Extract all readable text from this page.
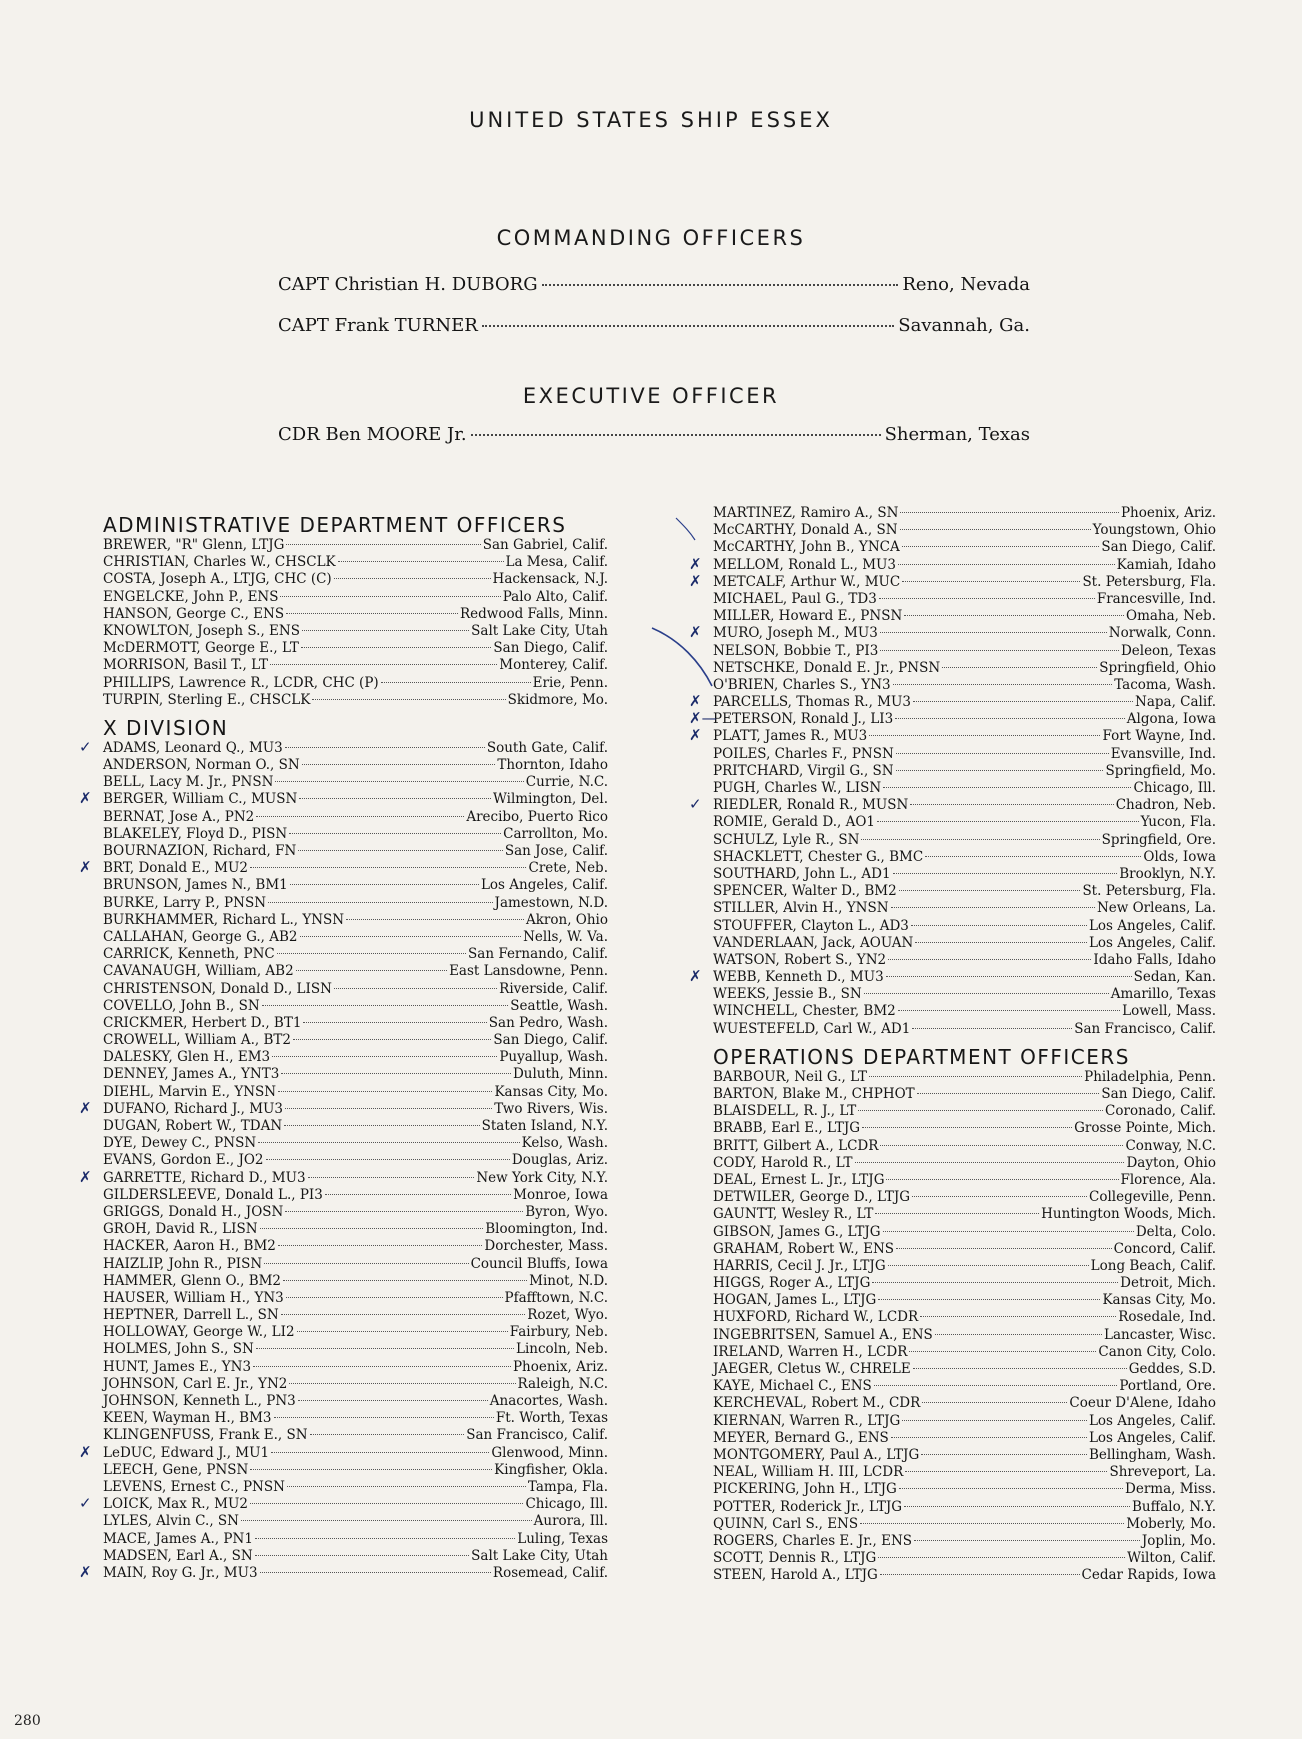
UNITED STATES SHIP ESSEX
COMMANDING OFFICERS
CAPT Christian H. DUBORG	Reno, Nevada
CAPT Frank TURNER	Savannah, Ga.
EXECUTIVE OFFICER
CDR Ben MOORE Jr.	Sherman, Texas
ADMINISTRATIVE DEPARTMENT OFFICERS
BREWER, "R" Glenn, LTJG	San Gabriel, Calif.
CHRISTIAN, Charles W., CHSCLK	La Mesa, Calif.
COSTA, Joseph A., LTJG, CHC (C)	Hackensack, N.J.
ENGELCKE, John P., ENS	Palo Alto, Calif.
HANSON, George C., ENS	Redwood Falls, Minn.
KNOWLTON, Joseph S., ENS	Salt Lake City, Utah
McDERMOTT, George E., LT	San Diego, Calif.
MORRISON, Basil T., LT	Monterey, Calif.
PHILLIPS, Lawrence R., LCDR, CHC (P)	Erie, Penn.
TURPIN, Sterling E., CHSCLK	Skidmore, Mo.
X DIVISION
✓ ADAMS, Leonard Q., MU3	South Gate, Calif.
ANDERSON, Norman O., SN	Thornton, Idaho
BELL, Lacy M. Jr., PNSN	Currie, N.C.
✗ BERGER, William C., MUSN	Wilmington, Del.
BERNAT, Jose A., PN2	Arecibo, Puerto Rico
BLAKELEY, Floyd D., PISN	Carrollton, Mo.
BOURNAZION, Richard, FN	San Jose, Calif.
✗ BRT, Donald E., MU2	Crete, Neb.
BRUNSON, James N., BM1	Los Angeles, Calif.
BURKE, Larry P., PNSN	Jamestown, N.D.
BURKHAMMER, Richard L., YNSN	Akron, Ohio
CALLAHAN, George G., AB2	Nells, W. Va.
CARRICK, Kenneth, PNC	San Fernando, Calif.
CAVANAUGH, William, AB2	East Lansdowne, Penn.
CHRISTENSON, Donald D., LISN	Riverside, Calif.
COVELLO, John B., SN	Seattle, Wash.
CRICKMER, Herbert D., BT1	San Pedro, Wash.
CROWELL, William A., BT2	San Diego, Calif.
DALESKY, Glen H., EM3	Puyallup, Wash.
DENNEY, James A., YNT3	Duluth, Minn.
DIEHL, Marvin E., YNSN	Kansas City, Mo.
✗ DUFANO, Richard J., MU3	Two Rivers, Wis.
DUGAN, Robert W., TDAN	Staten Island, N.Y.
DYE, Dewey C., PNSN	Kelso, Wash.
EVANS, Gordon E., JO2	Douglas, Ariz.
✗ GARRETTE, Richard D., MU3	New York City, N.Y.
GILDERSLEEVE, Donald L., PI3	Monroe, Iowa
GRIGGS, Donald H., JOSN	Byron, Wyo.
GROH, David R., LISN	Bloomington, Ind.
HACKER, Aaron H., BM2	Dorchester, Mass.
HAIZLIP, John R., PISN	Council Bluffs, Iowa
HAMMER, Glenn O., BM2	Minot, N.D.
HAUSER, William H., YN3	Pfafftown, N.C.
HEPTNER, Darrell L., SN	Rozet, Wyo.
HOLLOWAY, George W., LI2	Fairbury, Neb.
HOLMES, John S., SN	Lincoln, Neb.
HUNT, James E., YN3	Phoenix, Ariz.
JOHNSON, Carl E. Jr., YN2	Raleigh, N.C.
JOHNSON, Kenneth L., PN3	Anacortes, Wash.
KEEN, Wayman H., BM3	Ft. Worth, Texas
KLINGENFUSS, Frank E., SN	San Francisco, Calif.
✗ LeDUC, Edward J., MU1	Glenwood, Minn.
LEECH, Gene, PNSN	Kingfisher, Okla.
LEVENS, Ernest C., PNSN	Tampa, Fla.
✓ LOICK, Max R., MU2	Chicago, Ill.
LYLES, Alvin C., SN	Aurora, Ill.
MACE, James A., PN1	Luling, Texas
MADSEN, Earl A., SN	Salt Lake City, Utah
✗ MAIN, Roy G. Jr., MU3	Rosemead, Calif.
MARTINEZ, Ramiro A., SN	Phoenix, Ariz.
McCARTHY, Donald A., SN	Youngstown, Ohio
McCARTHY, John B., YNCA	San Diego, Calif.
✗ MELLOM, Ronald L., MU3	Kamiah, Idaho
✗ METCALF, Arthur W., MUC	St. Petersburg, Fla.
MICHAEL, Paul G., TD3	Francesville, Ind.
MILLER, Howard E., PNSN	Omaha, Neb.
✗ MURO, Joseph M., MU3	Norwalk, Conn.
NELSON, Bobbie T., PI3	Deleon, Texas
NETSCHKE, Donald E. Jr., PNSN	Springfield, Ohio
O'BRIEN, Charles S., YN3	Tacoma, Wash.
✗ PARCELLS, Thomas R., MU3	Napa, Calif.
✗—
PETERSON, Ronald J., LI3	Algona, Iowa
✗ PLATT, James R., MU3	Fort Wayne, Ind.
POILES, Charles F., PNSN	Evansville, Ind.
PRITCHARD, Virgil G., SN	Springfield, Mo.
PUGH, Charles W., LISN	Chicago, Ill.
✓ RIEDLER, Ronald R., MUSN	Chadron, Neb.
ROMIE, Gerald D., AO1	Yucon, Fla.
SCHULZ, Lyle R., SN	Springfield, Ore.
SHACKLETT, Chester G., BMC	Olds, Iowa
SOUTHARD, John L., AD1	Brooklyn, N.Y.
SPENCER, Walter D., BM2	St. Petersburg, Fla.
STILLER, Alvin H., YNSN	New Orleans, La.
STOUFFER, Clayton L., AD3	Los Angeles, Calif.
VANDERLAAN, Jack, AOUAN	Los Angeles, Calif.
WATSON, Robert S., YN2	Idaho Falls, Idaho
✗ WEBB, Kenneth D., MU3	Sedan, Kan.
WEEKS, Jessie B., SN	Amarillo, Texas
WINCHELL, Chester, BM2	Lowell, Mass.
WUESTEFELD, Carl W., AD1	San Francisco, Calif.
OPERATIONS DEPARTMENT OFFICERS
BARBOUR, Neil G., LT	Philadelphia, Penn.
BARTON, Blake M., CHPHOT	San Diego, Calif.
BLAISDELL, R. J., LT	Coronado, Calif.
BRABB, Earl E., LTJG	Grosse Pointe, Mich.
BRITT, Gilbert A., LCDR	Conway, N.C.
CODY, Harold R., LT	Dayton, Ohio
DEAL, Ernest L. Jr., LTJG	Florence, Ala.
DETWILER, George D., LTJG	Collegeville, Penn.
GAUNTT, Wesley R., LT	Huntington Woods, Mich.
GIBSON, James G., LTJG	Delta, Colo.
GRAHAM, Robert W., ENS	Concord, Calif.
HARRIS, Cecil J. Jr., LTJG	Long Beach, Calif.
HIGGS, Roger A., LTJG	Detroit, Mich.
HOGAN, James L., LTJG	Kansas City, Mo.
HUXFORD, Richard W., LCDR	Rosedale, Ind.
INGEBRITSEN, Samuel A., ENS	Lancaster, Wisc.
IRELAND, Warren H., LCDR	Canon City, Colo.
JAEGER, Cletus W., CHRELE	Geddes, S.D.
KAYE, Michael C., ENS	Portland, Ore.
KERCHEVAL, Robert M., CDR	Coeur D'Alene, Idaho
KIERNAN, Warren R., LTJG	Los Angeles, Calif.
MEYER, Bernard G., ENS	Los Angeles, Calif.
MONTGOMERY, Paul A., LTJG	Bellingham, Wash.
NEAL, William H. III, LCDR	Shreveport, La.
PICKERING, John H., LTJG	Derma, Miss.
POTTER, Roderick Jr., LTJG	Buffalo, N.Y.
QUINN, Carl S., ENS	Moberly, Mo.
ROGERS, Charles E. Jr., ENS	Joplin, Mo.
SCOTT, Dennis R., LTJG	Wilton, Calif.
STEEN, Harold A., LTJG	Cedar Rapids, Iowa
280
